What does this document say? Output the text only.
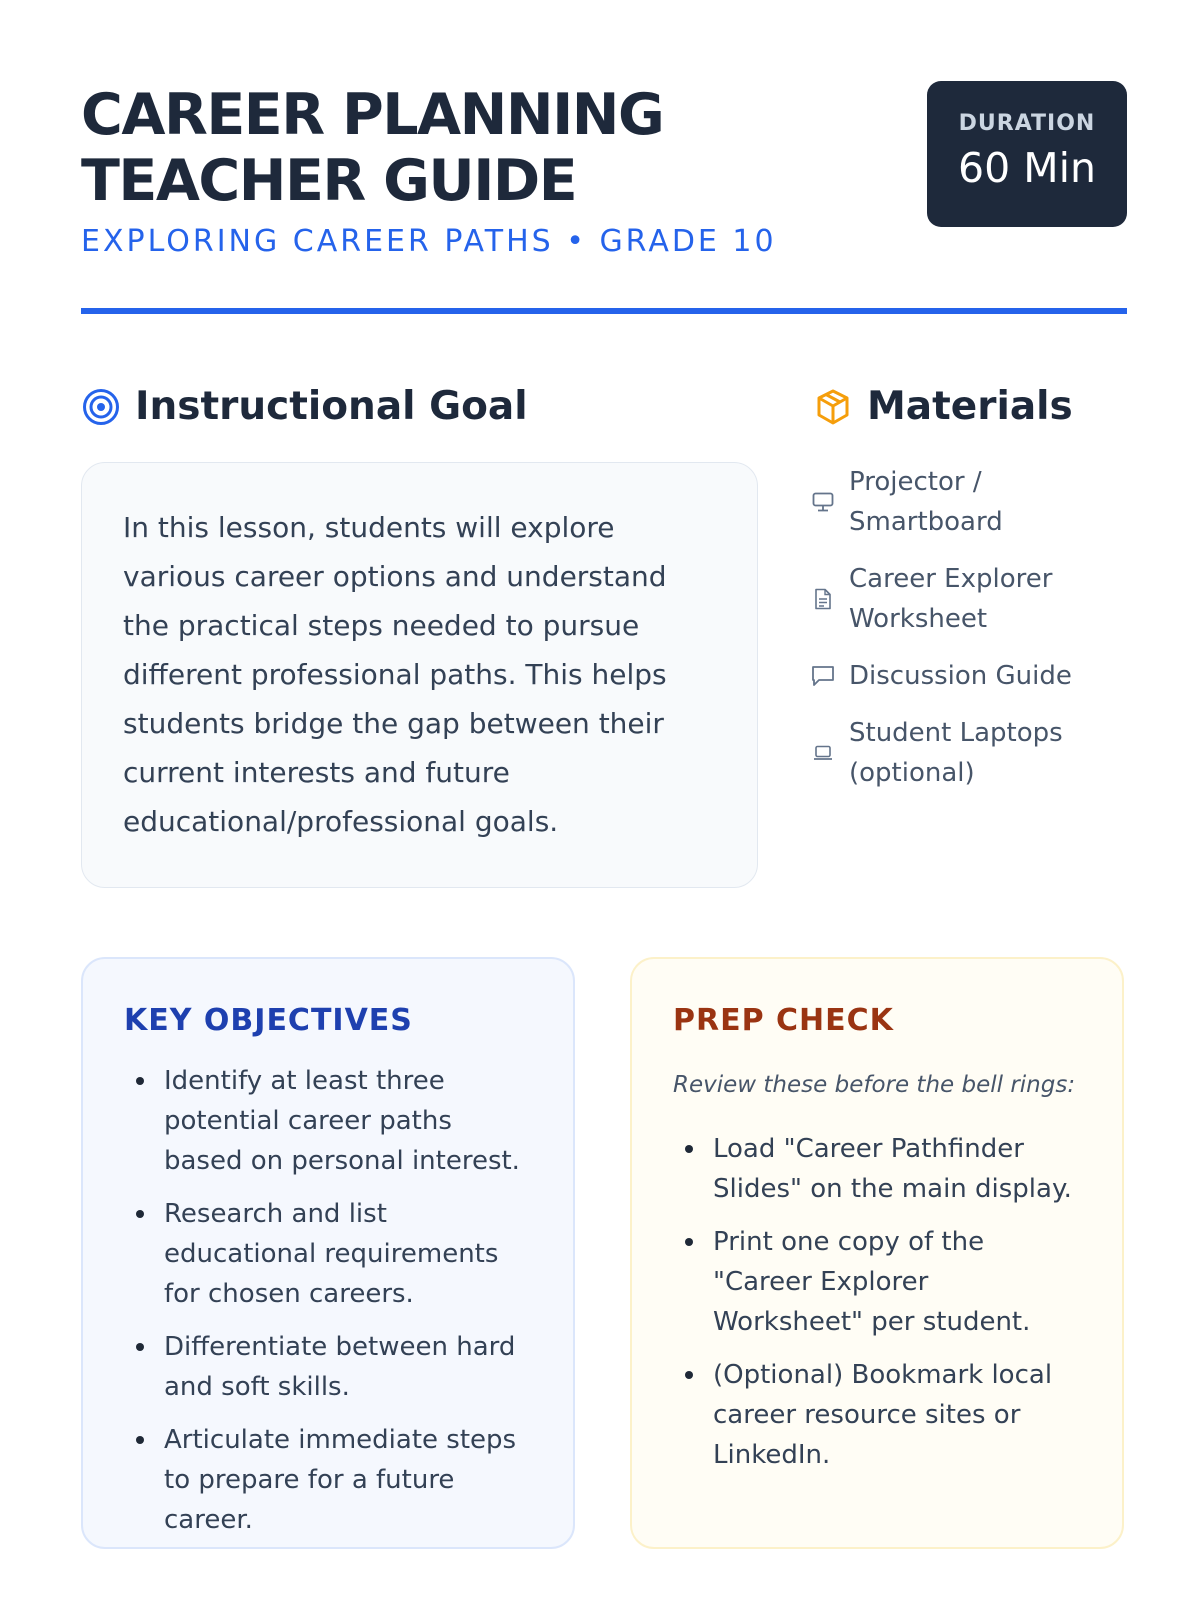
CAREER PLANNING
TEACHER GUIDE
EXPLORING CAREER PATHS • GRADE 10
DURATION
60 Min
Instructional Goal

In this lesson, students will explore various career options and understand the practical steps needed to pursue different professional paths. This helps students bridge the gap between their current interests and future educational/professional goals.

Materials
Projector / Smartboard
Career Explorer Worksheet
Discussion Guide
Student Laptops (optional)
KEY OBJECTIVES
Identify at least three potential career paths based on personal interest.
Research and list educational requirements for chosen careers.
Differentiate between hard and soft skills.
Articulate immediate steps to prepare for a future career.
PREP CHECK

Review these before the bell rings:

Load "Career Pathfinder Slides" on the main display.
Print one copy of the "Career Explorer Worksheet" per student.
(Optional) Bookmark local career resource sites or LinkedIn.
